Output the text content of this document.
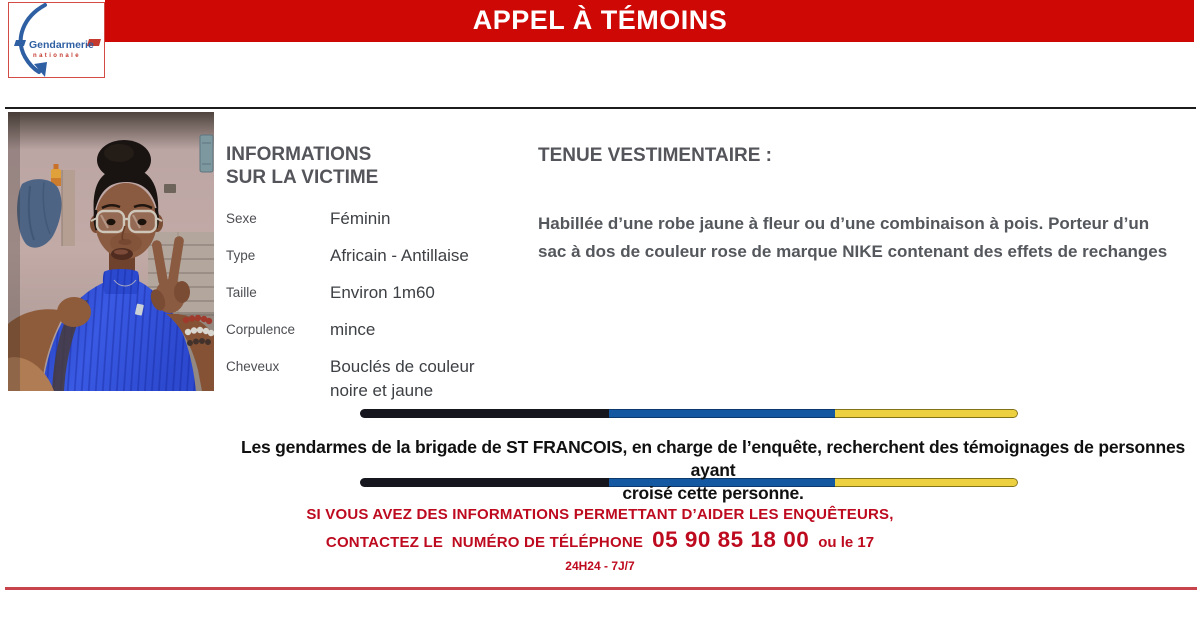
APPEL À TÉMOINS
Gendarmerie
nationale
INFORMATIONS
SUR LA VICTIME
Sexe	Féminin
Type	Africain - Antillaise
Taille	Environ 1m60
Corpulence	mince
Cheveux	Bouclés de couleur noire et jaune
TENUE VESTIMENTAIRE :
Habillée d’une robe jaune à fleur ou d’une combinaison à pois. Porteur d’un
sac à dos de couleur rose de marque NIKE contenant des effets de rechanges
Les gendarmes de la brigade de ST FRANCOIS, en charge de l’enquête, recherchent des témoignages de personnes ayant
croisé cette personne.
SI VOUS AVEZ DES INFORMATIONS PERMETTANT D’AIDER LES ENQUÊTEURS,
CONTACTEZ LE  NUMÉRO DE TÉLÉPHONE 05 90 85 18 00 ou le 17
24H24 - 7J/7
